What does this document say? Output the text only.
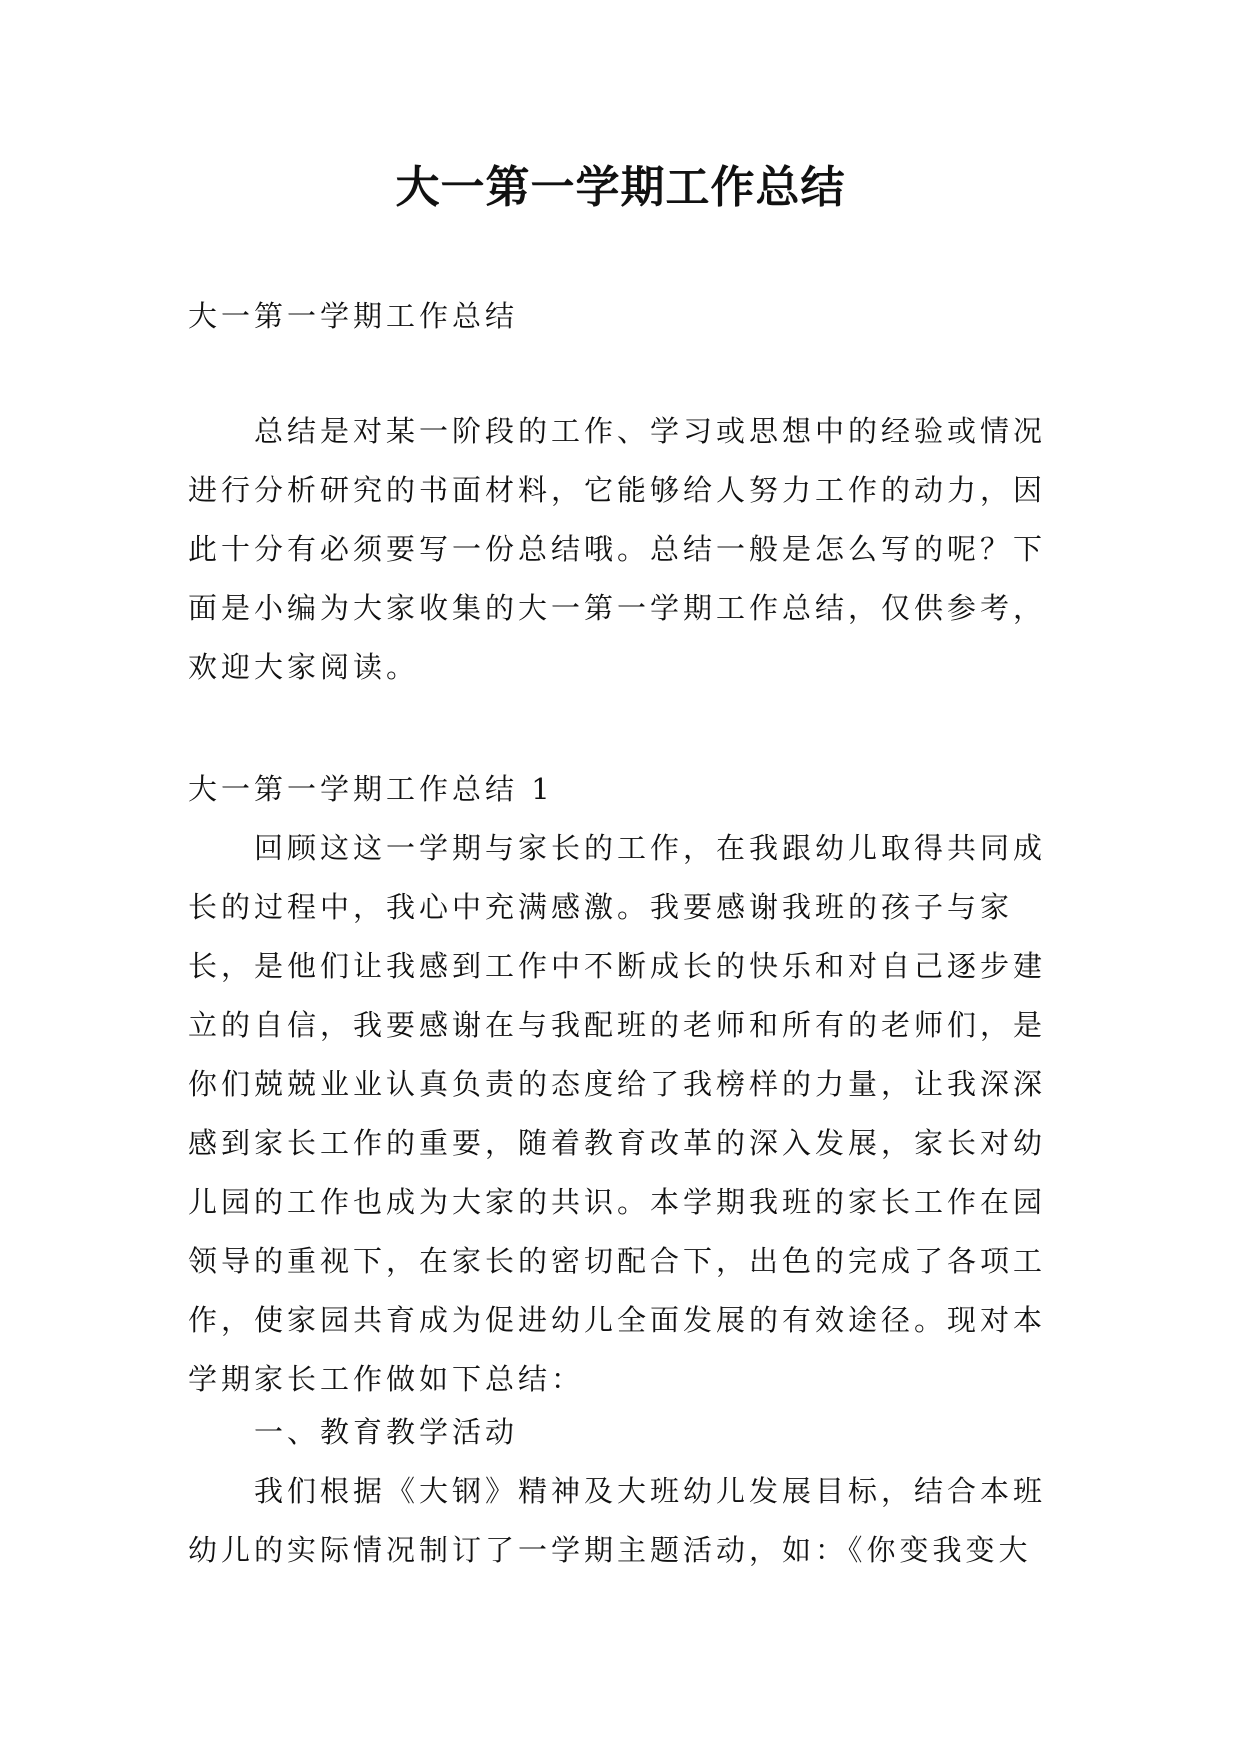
大一第一学期工作总结

大一第一学期工作总结

总结是对某一阶段的工作、学习或思想中的经验或情况进行分析研究的书面材料，它能够给人努力工作的动力，因此十分有必须要写一份总结哦。总结一般是怎么写的呢？下面是小编为大家收集的大一第一学期工作总结，仅供参考，欢迎大家阅读。

大一第一学期工作总结 1

回顾这这一学期与家长的工作，在我跟幼儿取得共同成长的过程中，我心中充满感激。我要感谢我班的孩子与家长，是他们让我感到工作中不断成长的快乐和对自己逐步建立的自信，我要感谢在与我配班的老师和所有的老师们，是你们兢兢业业认真负责的态度给了我榜样的力量，让我深深感到家长工作的重要，随着教育改革的深入发展，家长对幼儿园的工作也成为大家的共识。本学期我班的家长工作在园领导的重视下，在家长的密切配合下，出色的完成了各项工作，使家园共育成为促进幼儿全面发展的有效途径。现对本学期家长工作做如下总结：

一、教育教学活动

我们根据《大钢》精神及大班幼儿发展目标，结合本班幼儿的实际情况制订了一学期主题活动，如：《你变我变大
